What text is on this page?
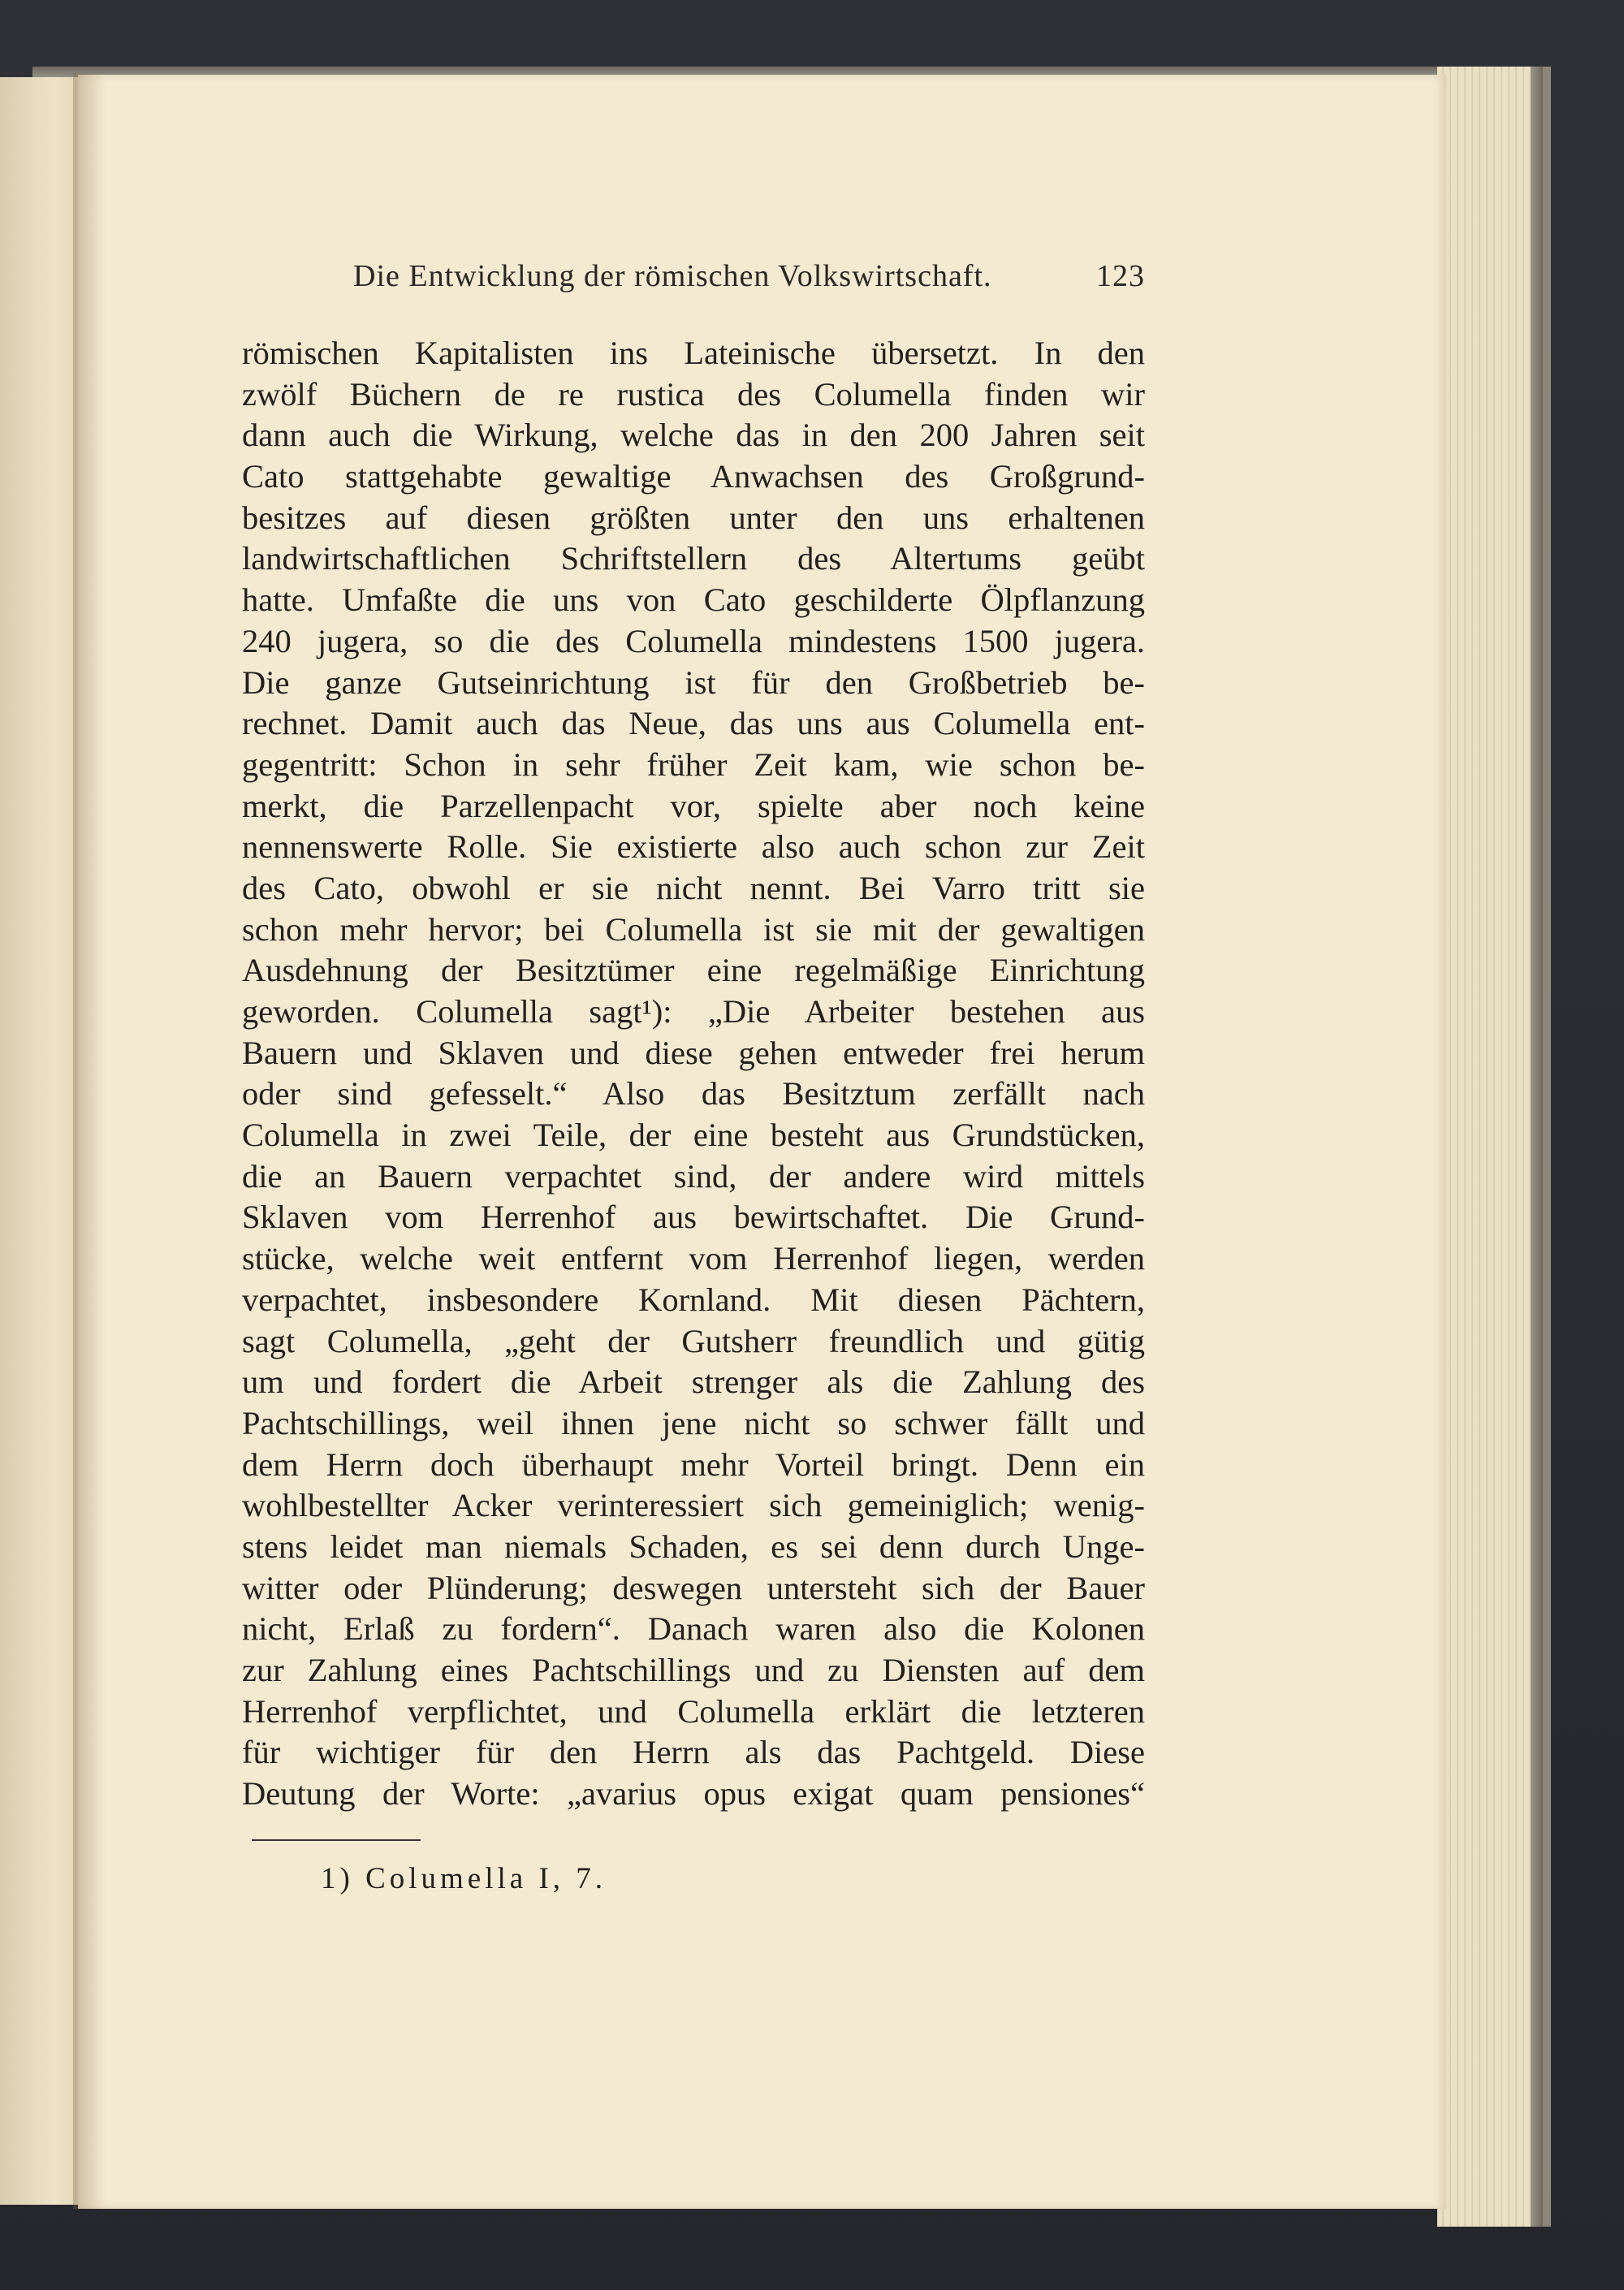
Die Entwicklung der römischen Volkswirtschaft.	123
römischen Kapitalisten ins Lateinische übersetzt. In den
zwölf Büchern de re rustica des Columella finden wir
dann auch die Wirkung, welche das in den 200 Jahren seit
Cato stattgehabte gewaltige Anwachsen des Großgrund-
besitzes auf diesen größten unter den uns erhaltenen
landwirtschaftlichen Schriftstellern des Altertums geübt
hatte. Umfaßte die uns von Cato geschilderte Ölpflanzung
240 jugera, so die des Columella mindestens 1500 jugera.
Die ganze Gutseinrichtung ist für den Großbetrieb be-
rechnet. Damit auch das Neue, das uns aus Columella ent-
gegentritt: Schon in sehr früher Zeit kam, wie schon be-
merkt, die Parzellenpacht vor, spielte aber noch keine
nennenswerte Rolle. Sie existierte also auch schon zur Zeit
des Cato, obwohl er sie nicht nennt. Bei Varro tritt sie
schon mehr hervor; bei Columella ist sie mit der gewaltigen
Ausdehnung der Besitztümer eine regelmäßige Einrichtung
geworden. Columella sagt¹): „Die Arbeiter bestehen aus
Bauern und Sklaven und diese gehen entweder frei herum
oder sind gefesselt.“ Also das Besitztum zerfällt nach
Columella in zwei Teile, der eine besteht aus Grundstücken,
die an Bauern verpachtet sind, der andere wird mittels
Sklaven vom Herrenhof aus bewirtschaftet. Die Grund-
stücke, welche weit entfernt vom Herrenhof liegen, werden
verpachtet, insbesondere Kornland. Mit diesen Pächtern,
sagt Columella, „geht der Gutsherr freundlich und gütig
um und fordert die Arbeit strenger als die Zahlung des
Pachtschillings, weil ihnen jene nicht so schwer fällt und
dem Herrn doch überhaupt mehr Vorteil bringt. Denn ein
wohlbestellter Acker verinteressiert sich gemeiniglich; wenig-
stens leidet man niemals Schaden, es sei denn durch Unge-
witter oder Plünderung; deswegen untersteht sich der Bauer
nicht, Erlaß zu fordern“. Danach waren also die Kolonen
zur Zahlung eines Pachtschillings und zu Diensten auf dem
Herrenhof verpflichtet, und Columella erklärt die letzteren
für wichtiger für den Herrn als das Pachtgeld. Diese
Deutung der Worte: „avarius opus exigat quam pensiones“
1) Columella I, 7.
